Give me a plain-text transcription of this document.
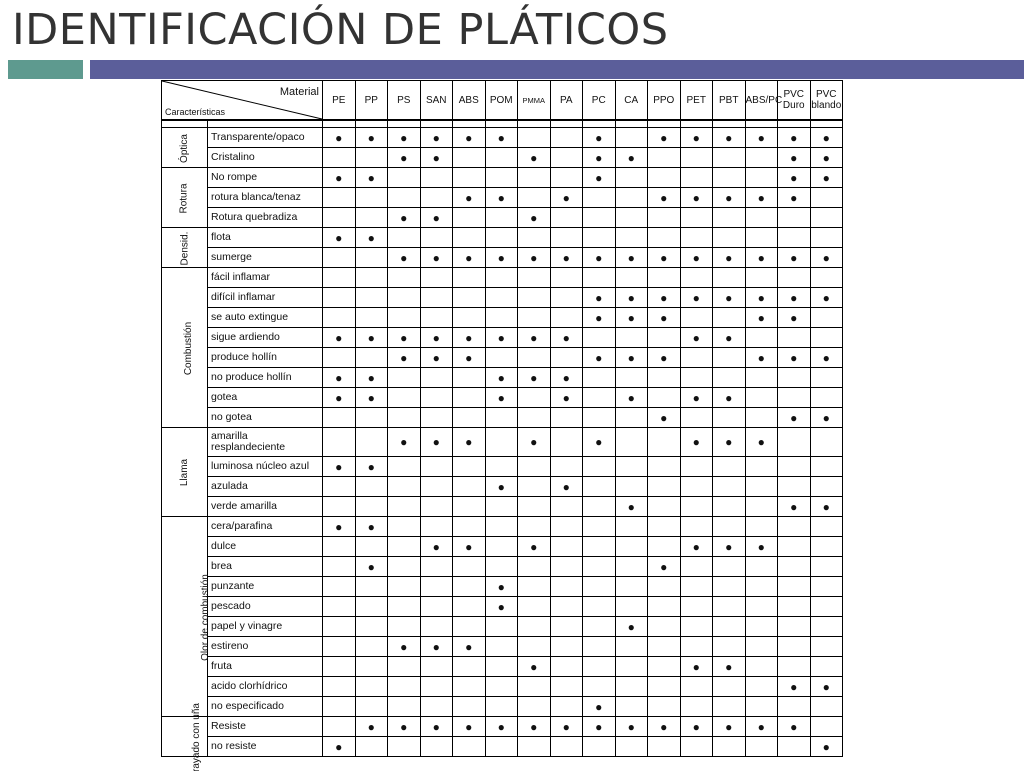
IDENTIFICACIÓN DE PLÁTICOS
Material
Características		PE	PP	PS	SAN	ABS	POM	PMMA	PA	PC	CA	PPO	PET	PBT	ABS/PC	PVC Duro	PVC blando

Óptica	Transparente/opaco	●	●	●	●	●	●			●		●	●	●	●	●	●
	Cristalino			●	●			●		●	●					●	●
Rotura	No rompe	●	●							●						●	●
	rotura blanca/tenaz					●	●		●			●	●	●	●	●	
	Rotura quebradiza			●	●			●									
Densid.	flota	●	●														
	sumerge			●	●	●	●	●	●	●	●	●	●	●	●	●	●
Combustión	fácil inflamar																
	difícil inflamar									●	●	●	●	●	●	●	●
	se auto extingue									●	●	●			●	●	
	sigue ardiendo	●	●	●	●	●	●	●	●				●	●			
	produce hollín			●	●	●				●	●	●			●	●	●
	no produce hollín	●	●				●	●	●								
	gotea	●	●				●		●		●		●	●			
	no gotea											●				●	●
Llama	amarilla resplandeciente			●	●	●		●		●			●	●	●		
	luminosa núcleo azul	●	●														
	azulada						●		●								
	verde amarilla										●					●	●
Olor de combustión	cera/parafina	●	●														
	dulce				●	●		●					●	●	●		
	brea		●									●					
	punzante						●										
	pescado						●										
	papel y vinagre										●						
	estireno			●	●	●											
	fruta							●					●	●			
	acido clorhídrico															●	●
	no especificado									●							
rayado con uña	Resiste		●	●	●	●	●	●	●	●	●	●	●	●	●	●	
	no resiste	●															●
